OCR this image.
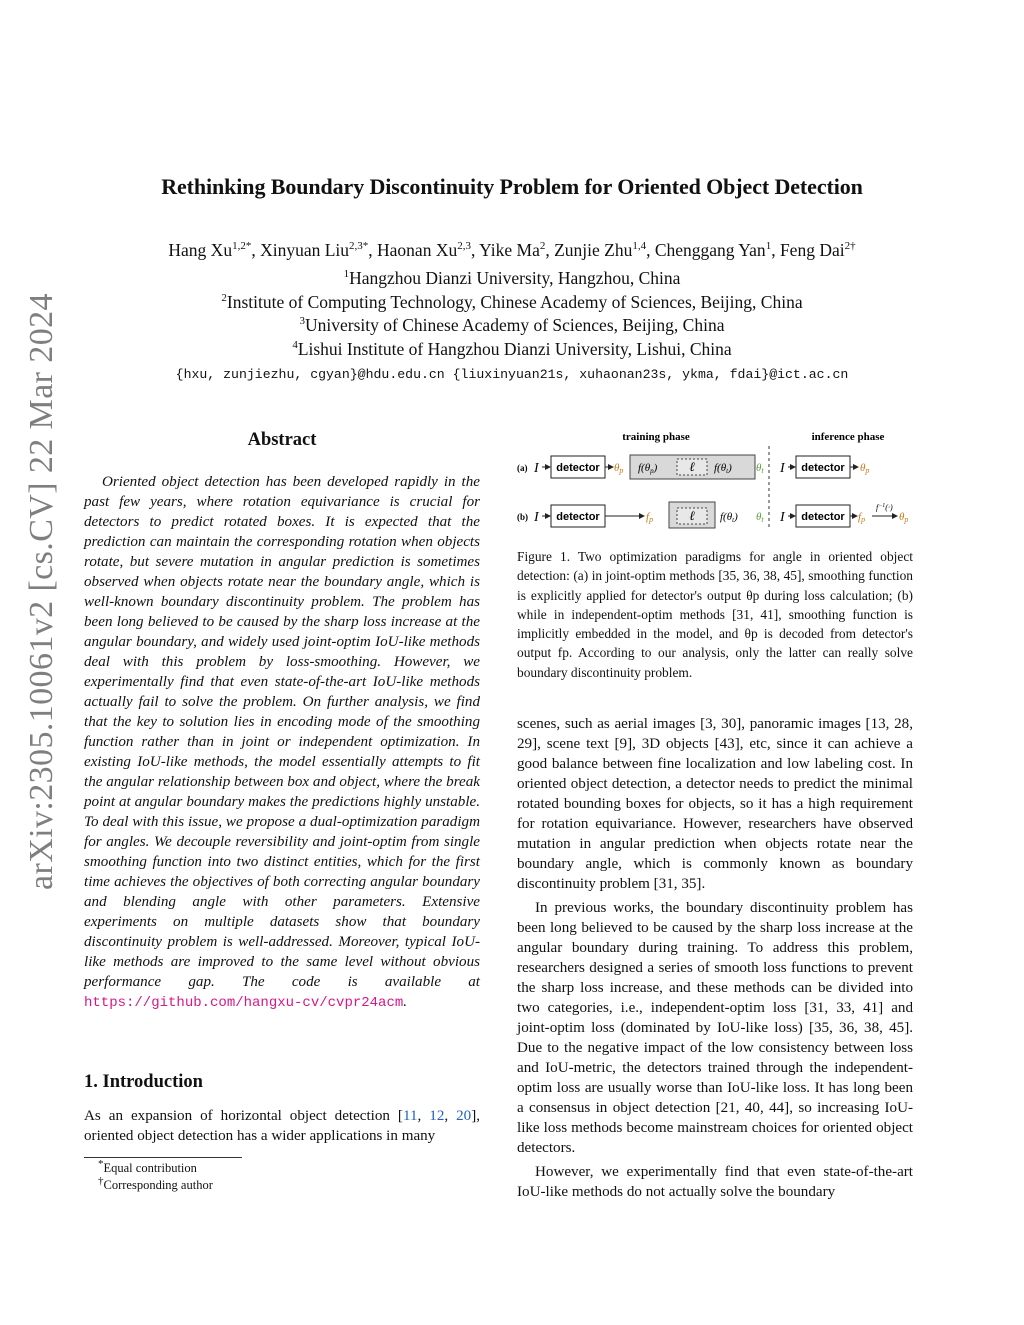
arXiv:2305.10061v2 [cs.CV] 22 Mar 2024
Rethinking Boundary Discontinuity Problem for Oriented Object Detection
Hang $Xu^{1,2*}$, Xinyuan Liu$^{2,3*}$, Haonan Xu$^{2,3}$, Yike Ma$^2$, Zunjie Zhu$^{1,4}$, Chenggang Yan$^1$, Feng Dai$^{2\dagger}$
$^1$Hangzhou Dianzi University, Hangzhou, China
$^2$Institute of Computing Technology, Chinese Academy of Sciences, Beijing, China
$^3$University of Chinese Academy of Sciences, Beijing, China
$^4$Lishui Institute of Hangzhou Dianzi University, Lishui, China
{hxu, zunjiezhu, cgyan}@hdu.edu.cn {liuxinyuan21s, xuhaonan23s, ykma, fdai}@ict.ac.cn
Abstract

Oriented object detection has been developed rapidly in the past few years, where rotation equivariance is crucial for detectors to predict rotated boxes. It is expected that the prediction can maintain the corresponding rotation when objects rotate, but severe mutation in angular prediction is sometimes observed when objects rotate near the boundary angle, which is well-known boundary discontinuity problem. The problem has been long believed to be caused by the sharp loss increase at the angular boundary, and widely used joint-optim IoU-like methods deal with this problem by loss-smoothing. However, we experimentally find that even state-of-the-art IoU-like methods actually fail to solve the problem. On further analysis, we find that the key to solution lies in encoding mode of the smoothing function rather than in joint or independent optimization. In existing IoU-like methods, the model essentially attempts to fit the angular relationship between box and object, where the break point at angular boundary makes the predictions highly unstable. To deal with this issue, we propose a dual-optimization paradigm for angles. We decouple reversibility and joint-optim from single smoothing function into two distinct entities, which for the first time achieves the objectives of both correcting angular boundary and blending angle with other parameters. Extensive experiments on multiple datasets show that boundary discontinuity problem is well-addressed. Moreover, typical IoU-like methods are improved to the same level without obvious performance gap. The code is available at https://github.com/hangxu-cv/cvpr24acm.

1. Introduction

As an expansion of horizontal object detection [11, 12, 20], oriented object detection has a wider applications in many

*Equal contribution
†Corresponding author
training phase	inference phase
(a) I detector θp f(θp) ℓ f(θt) θt I detector θp
(b) I detector	fp	ℓ f(θt) θt I detector fp
$f^{-1}(\cdot)$
θp
Figure 1. Two optimization paradigms for angle in oriented object detection: (a) in joint-optim methods [35, 36, 38, 45], smoothing function is explicitly applied for detector's output θp during loss calculation; (b) while in independent-optim methods [31, 41], smoothing function is implicitly embedded in the model, and θp is decoded from detector's output fp. According to our analysis, only the latter can really solve boundary discontinuity problem.

scenes, such as aerial images [3, 30], panoramic images [13, 28, 29], scene text [9], 3D objects [43], etc, since it can achieve a good balance between fine localization and low labeling cost. In oriented object detection, a detector needs to predict the minimal rotated bounding boxes for objects, so it has a high requirement for rotation equivariance. However, researchers have observed mutation in angular prediction when objects rotate near the boundary angle, which is commonly known as boundary discontinuity problem [31, 35].

In previous works, the boundary discontinuity problem has been long believed to be caused by the sharp loss increase at the angular boundary during training. To address this problem, researchers designed a series of smooth loss functions to prevent the sharp loss increase, and these methods can be divided into two categories, i.e., independent-optim loss [31, 33, 41] and joint-optim loss (dominated by IoU-like loss) [35, 36, 38, 45]. Due to the negative impact of the low consistency between loss and IoU-metric, the detectors trained through the independent-optim loss are usually worse than IoU-like loss. It has long been a consensus in object detection [21, 40, 44], so increasing IoU-like loss methods become mainstream choices for oriented object detectors.

However, we experimentally find that even state-of-the-art IoU-like methods do not actually solve the boundary
